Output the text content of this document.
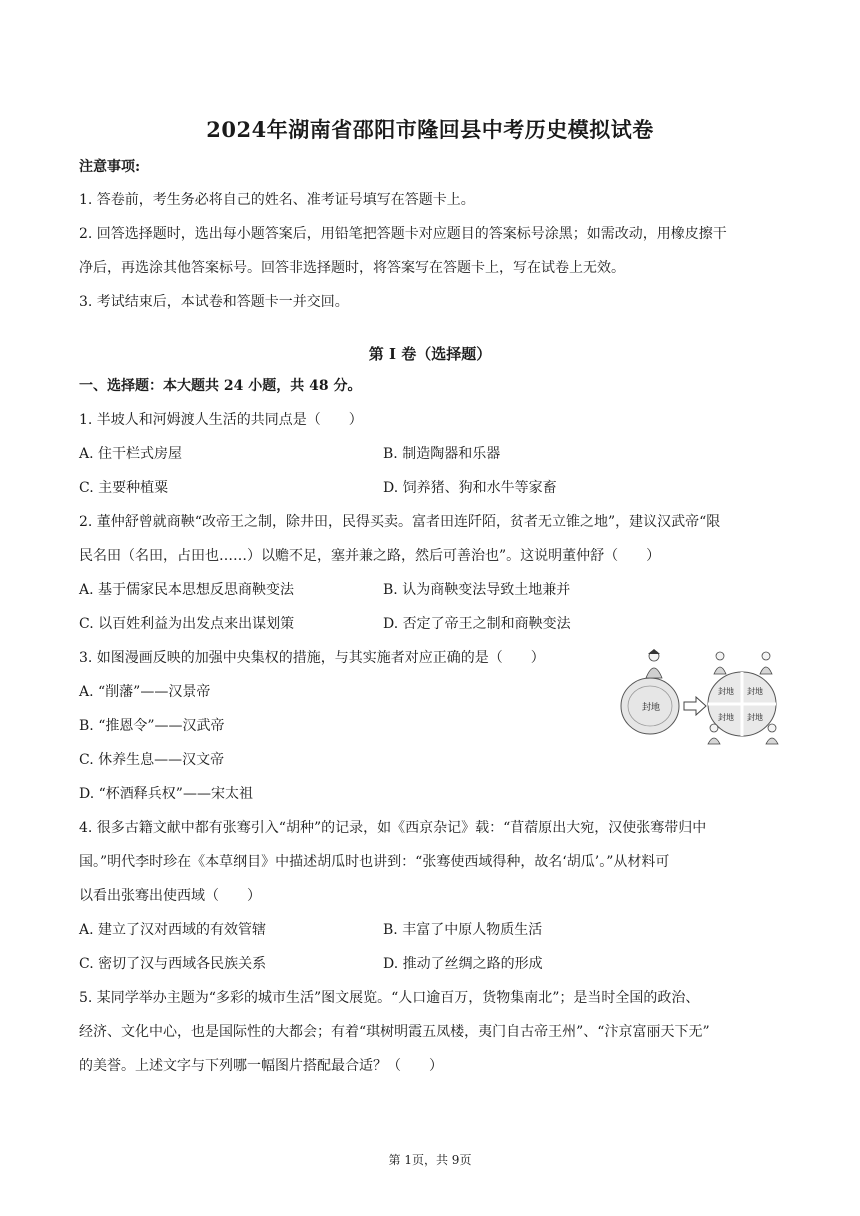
2024年湖南省邵阳市隆回县中考历史模拟试卷
注意事项:
1. 答卷前，考生务必将自己的姓名、准考证号填写在答题卡上。
2. 回答选择题时，选出每小题答案后，用铅笔把答题卡对应题目的答案标号涂黑；如需改动，用橡皮擦干
净后，再选涂其他答案标号。回答非选择题时，将答案写在答题卡上，写在试卷上无效。
3. 考试结束后，本试卷和答题卡一并交回。
第 I 卷（选择题）
一、选择题：本大题共 24 小题，共 48 分。
1. 半坡人和河姆渡人生活的共同点是（　　）
A. 住干栏式房屋	B. 制造陶器和乐器
C. 主要种植粟	D. 饲养猪、狗和水牛等家畜
2. 董仲舒曾就商鞅“改帝王之制，除井田，民得买卖。富者田连阡陌，贫者无立锥之地”，建议汉武帝“限
民名田（名田，占田也……）以赡不足，塞并兼之路，然后可善治也”。这说明董仲舒（　　）
A. 基于儒家民本思想反思商鞅变法	B. 认为商鞅变法导致土地兼并
C. 以百姓利益为出发点来出谋划策	D. 否定了帝王之制和商鞅变法
3. 如图漫画反映的加强中央集权的措施，与其实施者对应正确的是（　　）
A. “削藩”——汉景帝
B. “推恩令”——汉武帝
C. 休养生息——汉文帝
D. “杯酒释兵权”——宋太祖
封地
封地 封地
封地 封地
4. 很多古籍文献中都有张骞引入“胡种”的记录，如《西京杂记》载：“苜蓿原出大宛，汉使张骞带归中
国。”明代李时珍在《本草纲目》中描述胡瓜时也讲到：“张骞使西域得种，故名‘胡瓜’。”从材料可
以看出张骞出使西域（　　）
A. 建立了汉对西域的有效管辖	B. 丰富了中原人物质生活
C. 密切了汉与西域各民族关系	D. 推动了丝绸之路的形成
5. 某同学举办主题为“多彩的城市生活”图文展览。“人口逾百万，货物集南北”；是当时全国的政治、
经济、文化中心，也是国际性的大都会；有着“琪树明霞五凤楼，夷门自古帝王州”、“汴京富丽天下无”
的美誉。上述文字与下列哪一幅图片搭配最合适？（　　）
第 1页，共 9页
